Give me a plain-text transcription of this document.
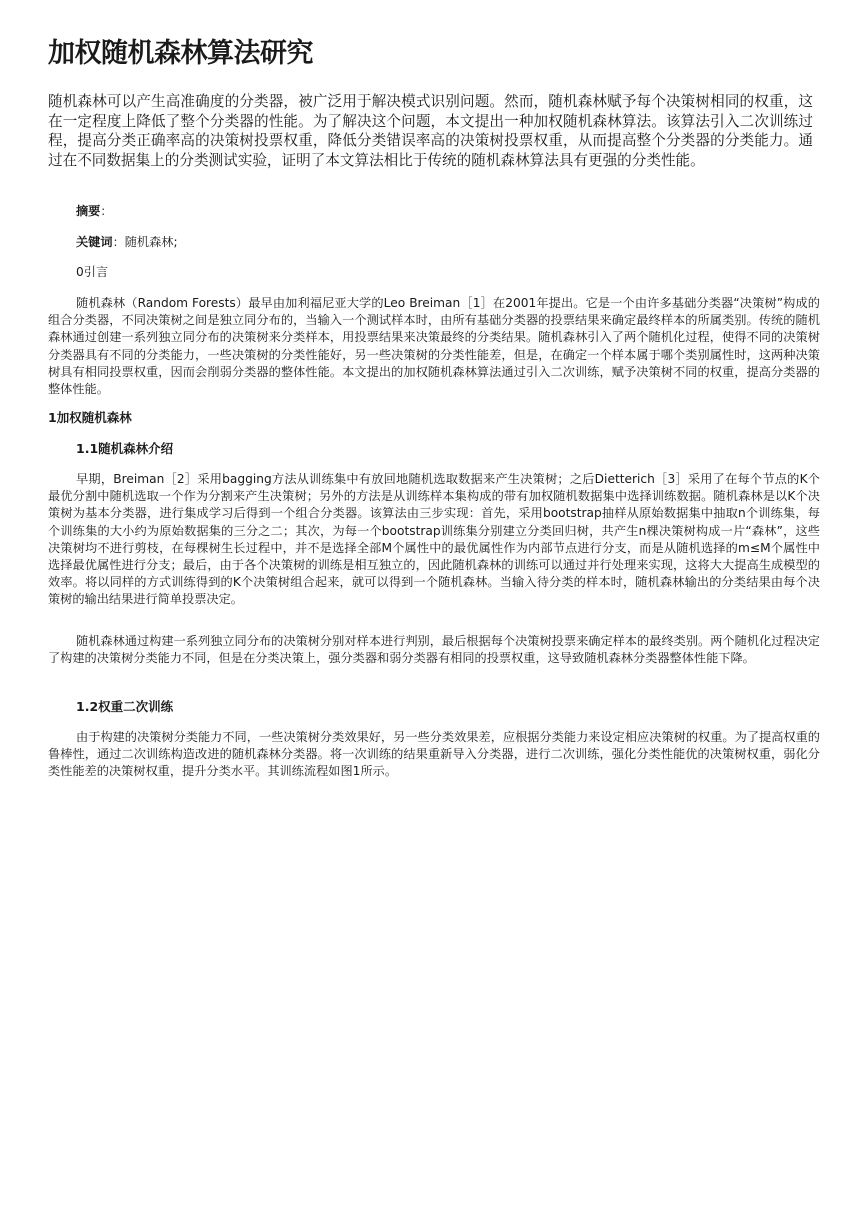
加权随机森林算法研究

随机森林可以产生高准确度的分类器，被广泛用于解决模式识别问题。然而，随机森林赋予每个决策树相同的权重，这在一定程度上降低了整个分类器的性能。为了解决这个问题，本文提出一种加权随机森林算法。该算法引入二次训练过程，提高分类正确率高的决策树投票权重，降低分类错误率高的决策树投票权重，从而提高整个分类器的分类能力。通过在不同数据集上的分类测试实验，证明了本文算法相比于传统的随机森林算法具有更强的分类性能。

摘要：

关键词：随机森林;

0引言

随机森林（Random Forests）最早由加利福尼亚大学的Leo Breiman［1］在2001年提出。它是一个由许多基础分类器“决策树”构成的组合分类器，不同决策树之间是独立同分布的，当输入一个测试样本时，由所有基础分类器的投票结果来确定最终样本的所属类别。传统的随机森林通过创建一系列独立同分布的决策树来分类样本，用投票结果来决策最终的分类结果。随机森林引入了两个随机化过程，使得不同的决策树分类器具有不同的分类能力，一些决策树的分类性能好，另一些决策树的分类性能差，但是，在确定一个样本属于哪个类别属性时，这两种决策树具有相同投票权重，因而会削弱分类器的整体性能。本文提出的加权随机森林算法通过引入二次训练，赋予决策树不同的权重，提高分类器的整体性能。

1加权随机森林

1.1随机森林介绍

早期，Breiman［2］采用bagging方法从训练集中有放回地随机选取数据来产生决策树；之后Dietterich［3］采用了在每个节点的K个最优分割中随机选取一个作为分割来产生决策树；另外的方法是从训练样本集构成的带有加权随机数据集中选择训练数据。随机森林是以K个决策树为基本分类器，进行集成学习后得到一个组合分类器。该算法由三步实现：首先，采用bootstrap抽样从原始数据集中抽取n个训练集，每个训练集的大小约为原始数据集的三分之二；其次，为每一个bootstrap训练集分别建立分类回归树，共产生n棵决策树构成一片“森林”，这些决策树均不进行剪枝，在每棵树生长过程中，并不是选择全部M个属性中的最优属性作为内部节点进行分支，而是从随机选择的m≤M个属性中选择最优属性进行分支；最后，由于各个决策树的训练是相互独立的，因此随机森林的训练可以通过并行处理来实现，这将大大提高生成模型的效率。将以同样的方式训练得到的K个决策树组合起来，就可以得到一个随机森林。当输入待分类的样本时，随机森林输出的分类结果由每个决策树的输出结果进行简单投票决定。

随机森林通过构建一系列独立同分布的决策树分别对样本进行判别，最后根据每个决策树投票来确定样本的最终类别。两个随机化过程决定了构建的决策树分类能力不同，但是在分类决策上，强分类器和弱分类器有相同的投票权重，这导致随机森林分类器整体性能下降。

1.2权重二次训练

由于构建的决策树分类能力不同，一些决策树分类效果好，另一些分类效果差，应根据分类能力来设定相应决策树的权重。为了提高权重的鲁棒性，通过二次训练构造改进的随机森林分类器。将一次训练的结果重新导入分类器，进行二次训练，强化分类性能优的决策树权重，弱化分类性能差的决策树权重，提升分类水平。其训练流程如图1所示。
